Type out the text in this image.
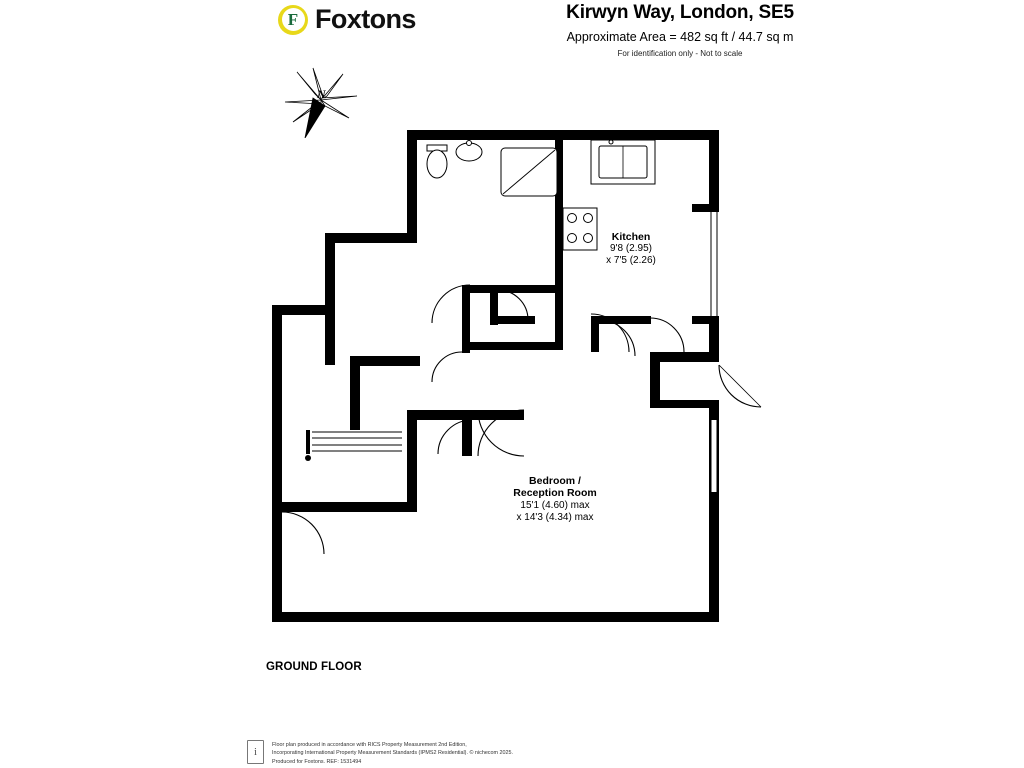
F Foxtons	Kirwyn Way, London, SE5
Approximate Area = 482 sq ft / 44.7 sq m
For identification only - Not to scale
N
Kitchen
9'8 (2.95)
x 7'5 (2.26)
Bedroom /
Reception Room
15'1 (4.60) max
x 14'3 (4.34) max
GROUND FLOOR
i
Floor plan produced in accordance with RICS Property Measurement 2nd Edition,
Incorporating International Property Measurement Standards (IPMS2 Residential). © nichecom 2025.
Produced for Foxtons. REF: 1531494
